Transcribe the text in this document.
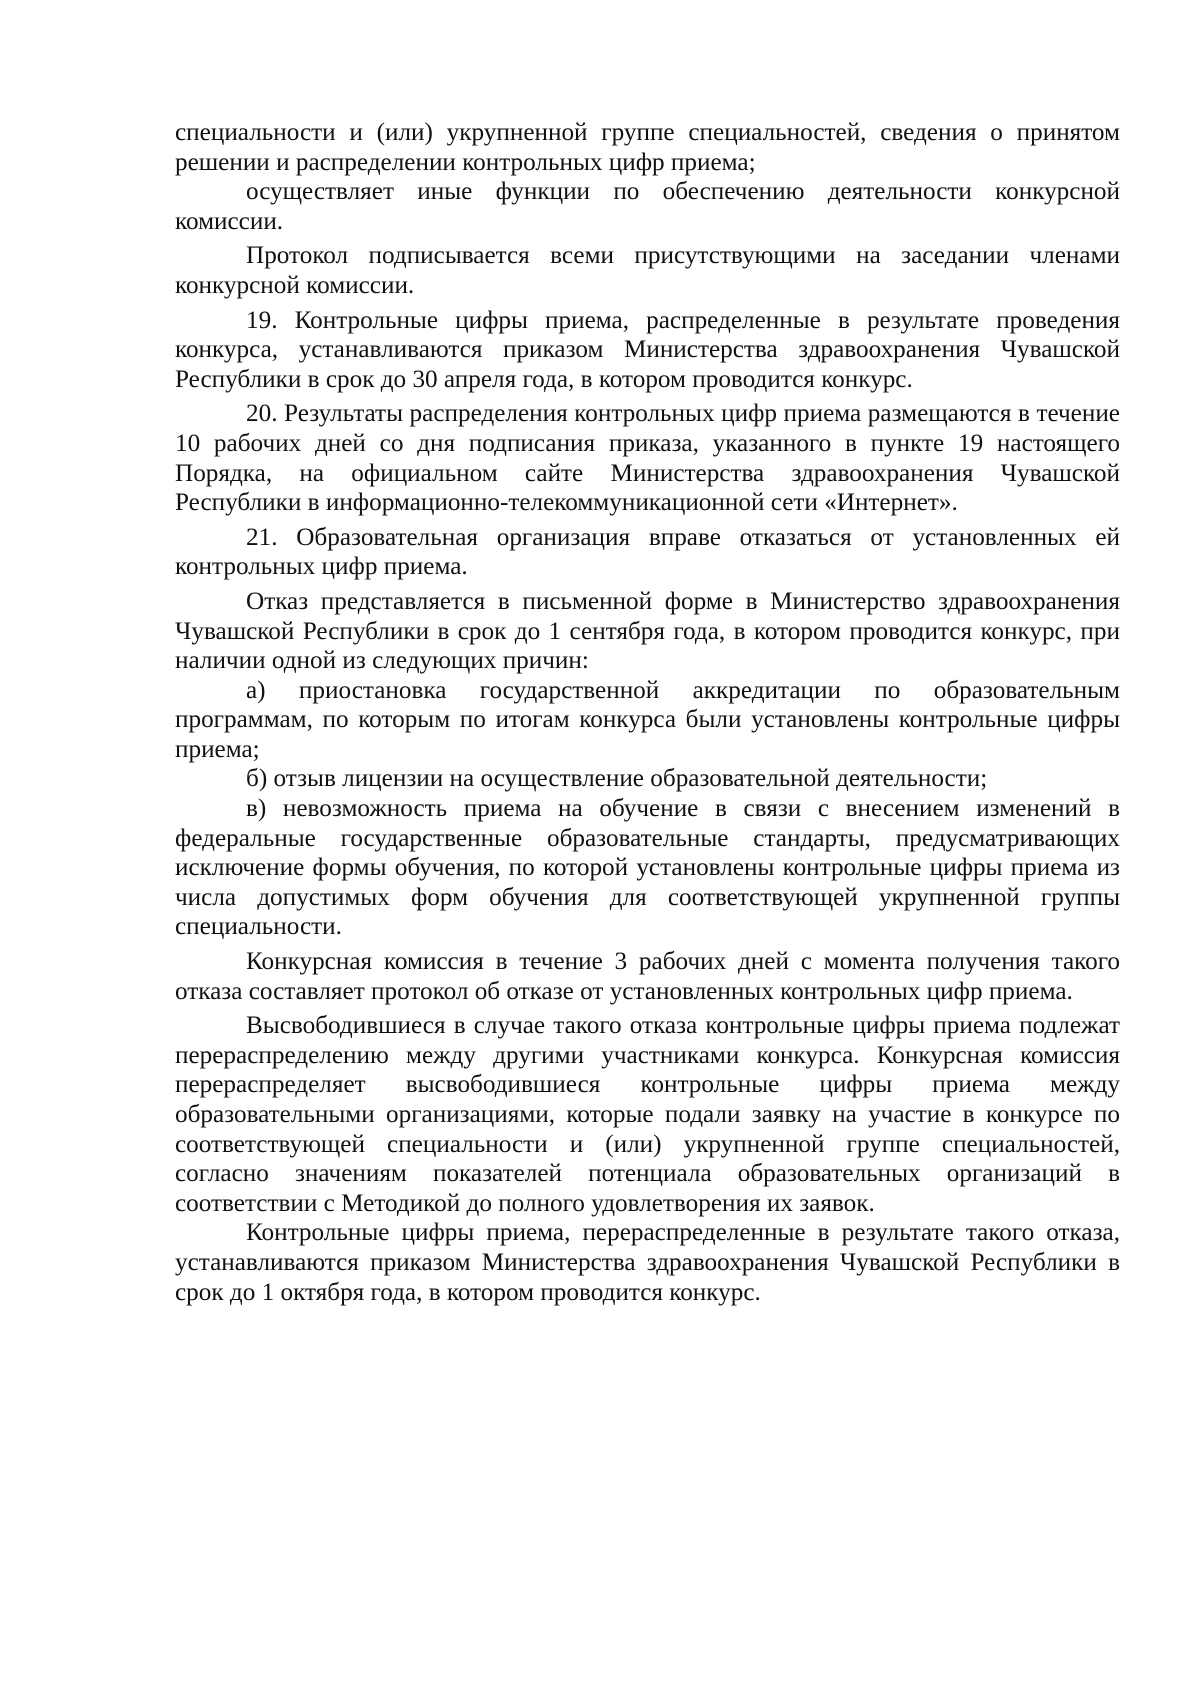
специальности и (или) укрупненной группе специальностей, сведения о принятом решении и распределении контрольных цифр приема;

осуществляет иные функции по обеспечению деятельности конкурсной комиссии.

Протокол подписывается всеми присутствующими на заседании членами конкурсной комиссии.

19. Контрольные цифры приема, распределенные в результате проведения конкурса, устанавливаются приказом Министерства здравоохранения Чувашской Республики в срок до 30 апреля года, в котором проводится конкурс.

20. Результаты распределения контрольных цифр приема размещаются в течение 10 рабочих дней со дня подписания приказа, указанного в пункте 19 настоящего Порядка, на официальном сайте Министерства здравоохранения Чувашской Республики в информационно-телекоммуникационной сети «Интернет».

21. Образовательная организация вправе отказаться от установленных ей контрольных цифр приема.

Отказ представляется в письменной форме в Министерство здравоохранения Чувашской Республики в срок до 1 сентября года, в котором проводится конкурс, при наличии одной из следующих причин:

а) приостановка государственной аккредитации по образовательным программам, по которым по итогам конкурса были установлены контрольные цифры приема;

б) отзыв лицензии на осуществление образовательной деятельности;

в) невозможность приема на обучение в связи с внесением изменений в федеральные государственные образовательные стандарты, предусматривающих исключение формы обучения, по которой установлены контрольные цифры приема из числа допустимых форм обучения для соответствующей укрупненной группы специальности.

Конкурсная комиссия в течение 3 рабочих дней с момента получения такого отказа составляет протокол об отказе от установленных контрольных цифр приема.

Высвободившиеся в случае такого отказа контрольные цифры приема подлежат перераспределению между другими участниками конкурса. Конкурсная комиссия перераспределяет высвободившиеся контрольные цифры приема между образовательными организациями, которые подали заявку на участие в конкурсе по соответствующей специальности и (или) укрупненной группе специальностей, согласно значениям показателей потенциала образовательных организаций в соответствии с Методикой до полного удовлетворения их заявок.

Контрольные цифры приема, перераспределенные в результате такого отказа, устанавливаются приказом Министерства здравоохранения Чувашской Республики в срок до 1 октября года, в котором проводится конкурс.
